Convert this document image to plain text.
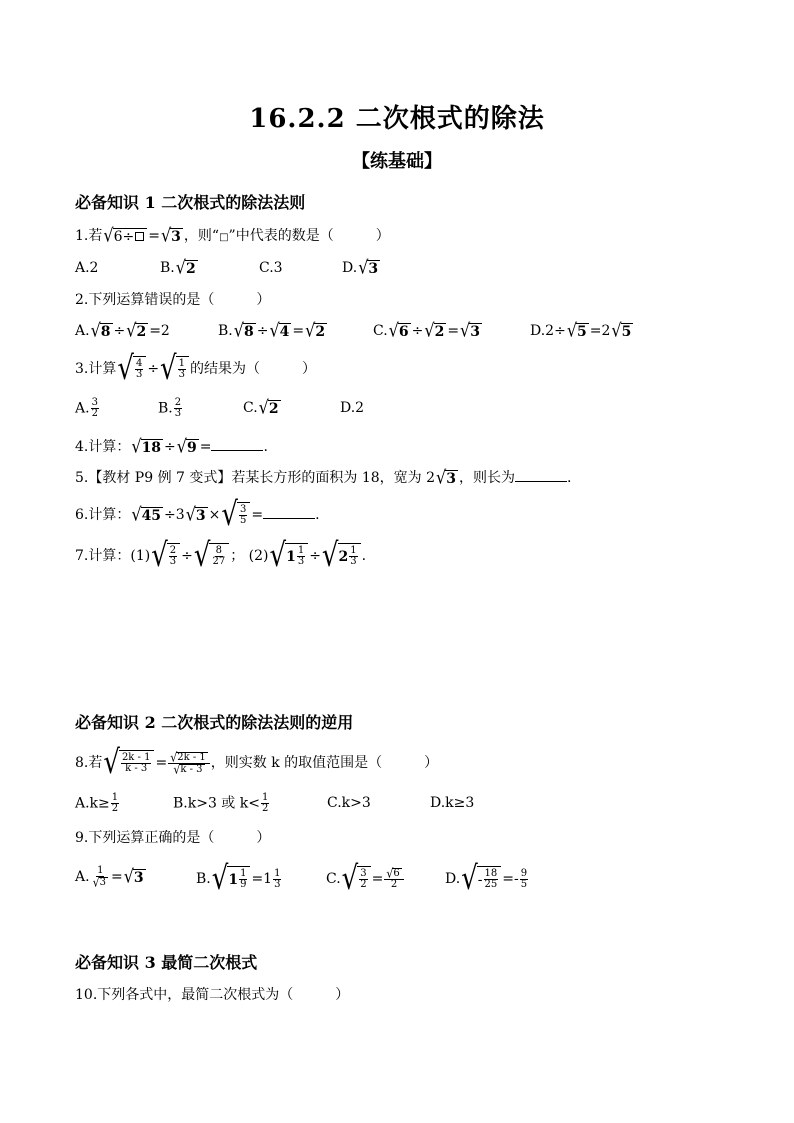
16.2.2 二次根式的除法
【练基础】
必备知识 1 二次根式的除法法则
1.若 √ 6 ÷ = √ 3 ，则“□”中代表的数是（　　　）
A.2	B. √ 2	C.3	D. √ 3
2.下列运算错误的是（　　　）
A. √ 8 ÷ √ 2 =2	B. √ 8 ÷ √ 4 = √ 2	C. √ 6 ÷ √ 2 = √ 3	D.2÷ √ 5 =2 √ 5
3.计算 √ 4
3 ÷ √ 1
3 的结果为（　　　）
A. $\frac{3}{2}$	B. $\frac{2}{3}$	C. √ 2	D.2
4.计算： √ 18 ÷ √ 9 =	.
5.【教材 P9 例 7 变式】若某长方形的面积为 18，宽为 2 √ 3 ，则长为	.
6.计算： √ 45 ÷3 √ 3 × √ 3
5 =	.
7.计算：(1) √ 2
3 ÷ √ 8
27 ； (2) √ 1 1
3 ÷ √ 2 1
3 .
必备知识 2 二次根式的除法法则的逆用
8.若 √ 2k - 1
$k - 3 = \frac{√ 2k - 1}{√ k - 3}$ ，则实数 k 的取值范围是（　　　）
$A.k\ge \frac{1}{2}$	B.k>3 或 $k< \frac{1}{2}$	C.k>3	D.k≥3
9.下列运算正确的是（　　　）
A. $\frac{1}{√ 3}$ = √ 3	B. √ 1 1
$9 =1 \frac{1}{3}$	C. √ 3
$2 = \frac{√ 6}{2}$	D. √ - 18
$25 =- \frac{9}{5}$
必备知识 3 最简二次根式
10.下列各式中，最简二次根式为（　　　）
